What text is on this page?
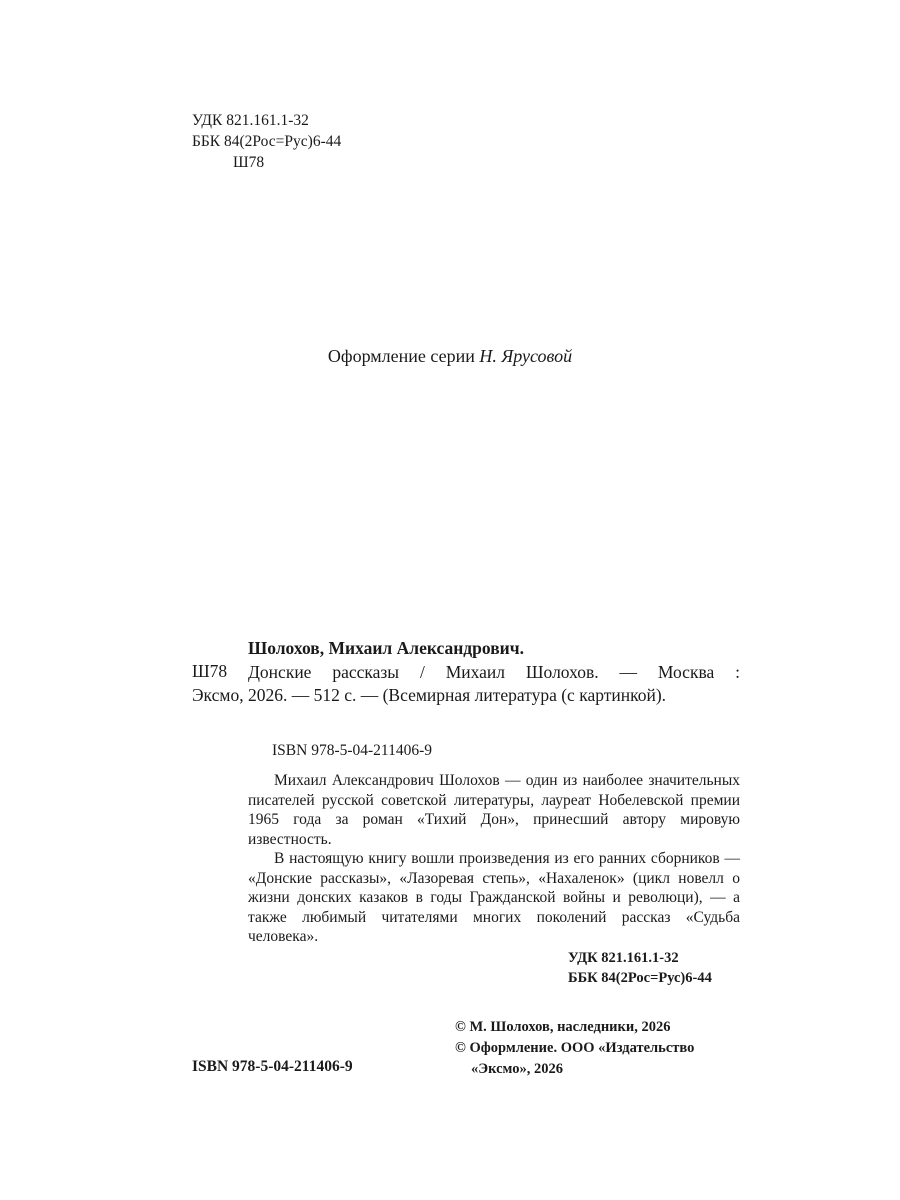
УДК 821.161.1-32
ББК 84(2Рос=Рус)6-44
Ш78
Оформление серии Н. Ярусовой
Шолохов, Михаил Александрович.
Ш78 Донские рассказы / Михаил Шолохов. — Москва :
Эксмо, 2026. — 512 с. — (Всемирная литература (с картинкой).
ISBN 978-5-04-211406-9

Михаил Александрович Шолохов — один из наиболее значительных писателей русской советской литературы, лауреат Нобелевской премии 1965 года за роман «Тихий Дон», принесший автору мировую известность.

В настоящую книгу вошли произведения из его ранних сборников — «Донские рассказы», «Лазоревая степь», «Нахаленок» (цикл новелл о жизни донских казаков в годы Гражданской войны и революци), — а также любимый читателями многих поколений рассказ «Судьба человека».

УДК 821.161.1-32
ББК 84(2Рос=Рус)6-44
© М. Шолохов, наследники, 2026
© Оформление. ООО «Издательство
«Эксмо», 2026
ISBN 978-5-04-211406-9
